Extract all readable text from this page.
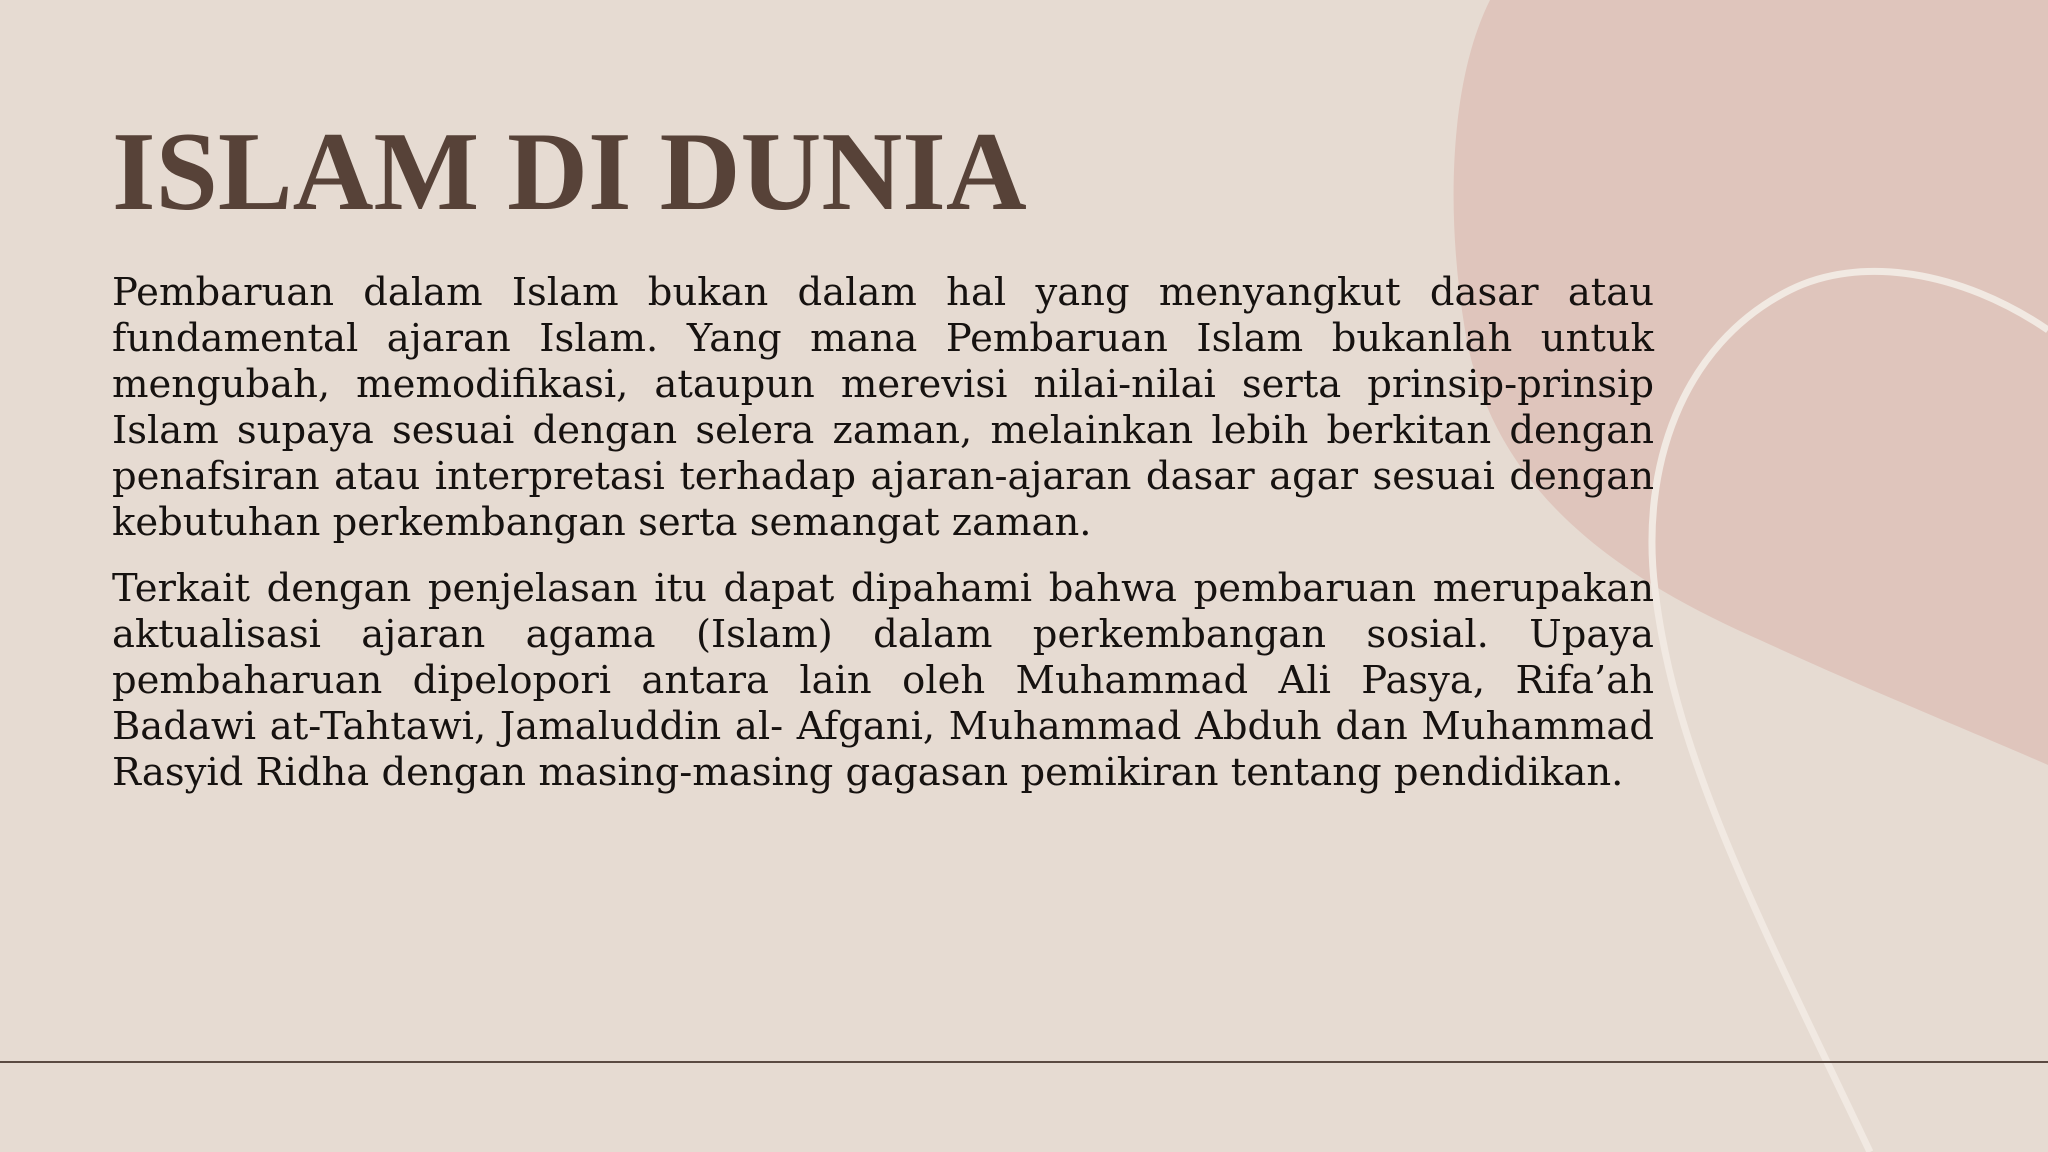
ISLAM DI DUNIA

Pembaruan dalam Islam bukan dalam hal yang menyangkut dasar atau fundamental ajaran Islam. Yang mana Pembaruan Islam bukanlah untuk mengubah, memodifikasi, ataupun merevisi nilai-nilai serta prinsip-prinsip Islam supaya sesuai dengan selera zaman, melainkan lebih berkitan dengan penafsiran atau interpretasi terhadap ajaran-ajaran dasar agar sesuai dengan kebutuhan perkembangan serta semangat zaman.

Terkait dengan penjelasan itu dapat dipahami bahwa pembaruan merupakan aktualisasi ajaran agama (Islam) dalam perkembangan sosial. Upaya pembaharuan dipelopori antara lain oleh Muhammad Ali Pasya, Rifa’ah Badawi at-Tahtawi, Jamaluddin al- Afgani, Muhammad Abduh dan Muhammad Rasyid Ridha dengan masing-masing gagasan pemikiran tentang pendidikan.
